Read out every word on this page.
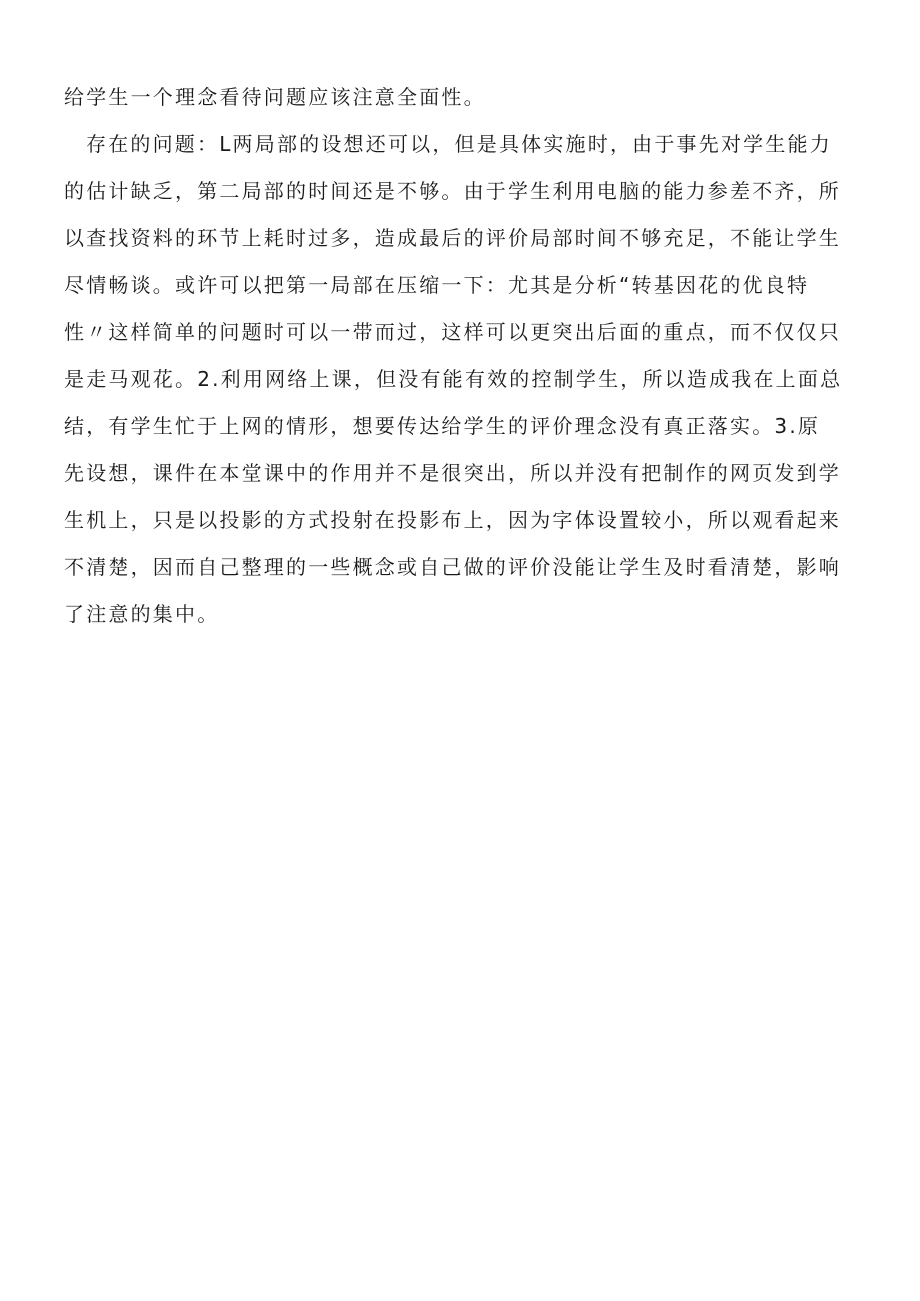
给学生一个理念看待问题应该注意全面性。
存在的问题：L两局部的设想还可以，但是具体实施时，由于事先对学生能力
的估计缺乏，第二局部的时间还是不够。由于学生利用电脑的能力参差不齐，所
以查找资料的环节上耗时过多，造成最后的评价局部时间不够充足，不能让学生
尽情畅谈。或许可以把第一局部在压缩一下：尤其是分析“转基因花的优良特
性〃这样简单的问题时可以一带而过，这样可以更突出后面的重点，而不仅仅只
是走马观花。2.利用网络上课，但没有能有效的控制学生，所以造成我在上面总
结，有学生忙于上网的情形，想要传达给学生的评价理念没有真正落实。3.原
先设想，课件在本堂课中的作用并不是很突出，所以并没有把制作的网页发到学
生机上，只是以投影的方式投射在投影布上，因为字体设置较小，所以观看起来
不清楚，因而自己整理的一些概念或自己做的评价没能让学生及时看清楚，影响
了注意的集中。
